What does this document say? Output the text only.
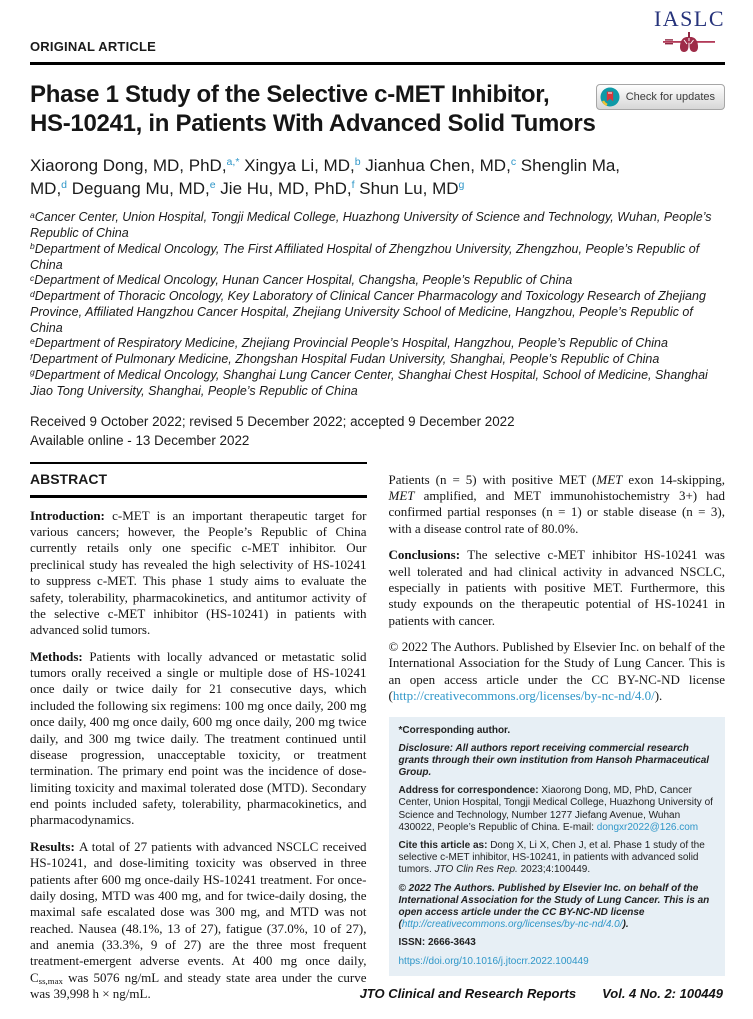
ORIGINAL ARTICLE
IASLC
Phase 1 Study of the Selective c-MET Inhibitor,
HS-10241, in Patients With Advanced Solid Tumors
Check for updates

Xiaorong Dong, MD, PhD,$^{a,*}$ Xingya Li, MD,$^b$ Jianhua Chen, MD,$^c$ Shenglin Ma, MD,$^d$ Deguang Mu, MD,$^e$ Jie Hu, MD, PhD,$^f$ Shun Lu, $MD^g$

$^a$Cancer Center, Union Hospital, Tongji Medical College, Huazhong University of Science and Technology, Wuhan, People’s Republic of China

$^b$Department of Medical Oncology, The First Affiliated Hospital of Zhengzhou University, Zhengzhou, People’s Republic of China

$^c$Department of Medical Oncology, Hunan Cancer Hospital, Changsha, People’s Republic of China

$^d$Department of Thoracic Oncology, Key Laboratory of Clinical Cancer Pharmacology and Toxicology Research of Zhejiang Province, Affiliated Hangzhou Cancer Hospital, Zhejiang University School of Medicine, Hangzhou, People’s Republic of China

$^e$Department of Respiratory Medicine, Zhejiang Provincial People’s Hospital, Hangzhou, People’s Republic of China

$^f$Department of Pulmonary Medicine, Zhongshan Hospital Fudan University, Shanghai, People’s Republic of China

$^g$Department of Medical Oncology, Shanghai Lung Cancer Center, Shanghai Chest Hospital, School of Medicine, Shanghai Jiao Tong University, Shanghai, People’s Republic of China

Received 9 October 2022; revised 5 December 2022; accepted 9 December 2022

Available online - 13 December 2022

ABSTRACT

Introduction: c-MET is an important therapeutic target for various cancers; however, the People’s Republic of China currently retails only one specific c-MET inhibitor. Our preclinical study has revealed the high selectivity of HS-10241 to suppress c-MET. This phase 1 study aims to evaluate the safety, tolerability, pharmacokinetics, and antitumor activity of the selective c-MET inhibitor (HS-10241) in patients with advanced solid tumors.

Methods: Patients with locally advanced or metastatic solid tumors orally received a single or multiple dose of HS-10241 once daily or twice daily for 21 consecutive days, which included the following six regimens: 100 mg once daily, 200 mg once daily, 400 mg once daily, 600 mg once daily, 200 mg twice daily, and 300 mg twice daily. The treatment continued until disease progression, unacceptable toxicity, or treatment termination. The primary end point was the incidence of dose-limiting toxicity and maximal tolerated dose (MTD). Secondary end points included safety, tolerability, pharmacokinetics, and pharmacodynamics.

Results: A total of 27 patients with advanced NSCLC received HS-10241, and dose-limiting toxicity was observed in three patients after 600 mg once-daily HS-10241 treatment. For once-daily dosing, MTD was 400 mg, and for twice-daily dosing, the maximal safe escalated dose was 300 mg, and MTD was not reached. Nausea (48.1%, 13 of 27), fatigue (37.0%, 10 of 27), and anemia (33.3%, 9 of 27) are the three most frequent treatment-emergent adverse events. At 400 mg once daily, Css,max was 5076 ng/mL and steady state area under the curve was 39,998 h × ng/mL.

Patients (n = 5) with positive MET (MET exon 14-skipping, MET amplified, and MET immunohistochemistry 3+) had confirmed partial responses (n = 1) or stable disease (n = 3), with a disease control rate of 80.0%.

Conclusions: The selective c-MET inhibitor HS-10241 was well tolerated and had clinical activity in advanced NSCLC, especially in patients with positive MET. Furthermore, this study expounds on the therapeutic potential of HS-10241 in patients with cancer.

© 2022 The Authors. Published by Elsevier Inc. on behalf of the International Association for the Study of Lung Cancer. This is an open access article under the CC BY-NC-ND license (http://creativecommons.org/licenses/by-nc-nd/4.0/).

*Corresponding author.

Disclosure: All authors report receiving commercial research grants through their own institution from Hansoh Pharmaceutical Group.

Address for correspondence: Xiaorong Dong, MD, PhD, Cancer Center, Union Hospital, Tongji Medical College, Huazhong University of Science and Technology, Number 1277 Jiefang Avenue, Wuhan 430022, People’s Republic of China. E-mail: dongxr2022@126.com

Cite this article as: Dong X, Li X, Chen J, et al. Phase 1 study of the selective c-MET inhibitor, HS-10241, in patients with advanced solid tumors. JTO Clin Res Rep. 2023;4:100449.

© 2022 The Authors. Published by Elsevier Inc. on behalf of the International Association for the Study of Lung Cancer. This is an open access article under the CC BY-NC-ND license (http://creativecommons.org/licenses/by-nc-nd/4.0/).

ISSN: 2666-3643

https://doi.org/10.1016/j.jtocrr.2022.100449

JTO Clinical and Research Reports Vol. 4 No. 2: 100449
